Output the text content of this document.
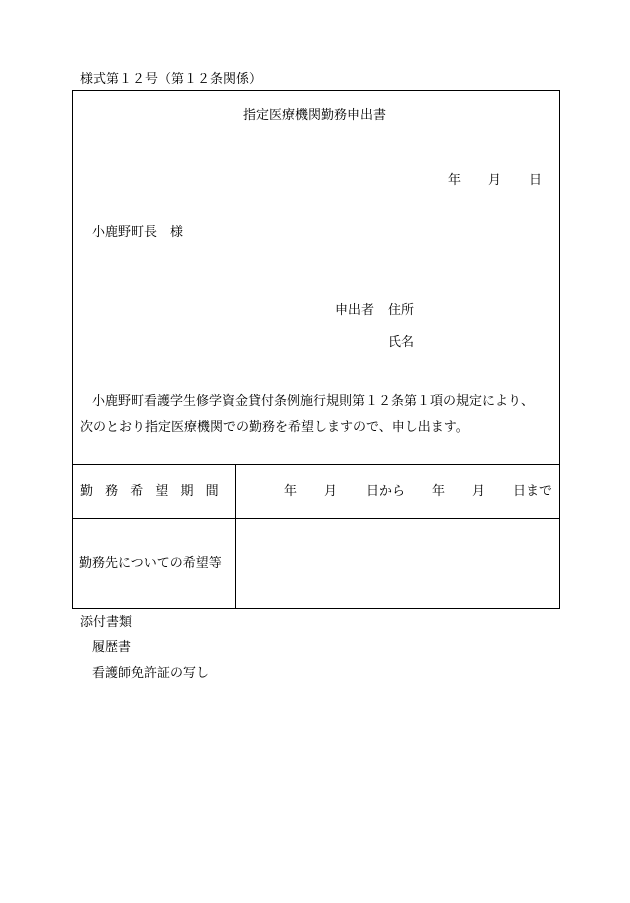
様式第１２号（第１２条関係）
指定医療機関勤務申出書
年 月 日
小鹿野町長　様
申出者 住所
氏名
小鹿野町看護学生修学資金貸付条例施行規則第１２条第１項の規定により、
次のとおり指定医療機関での勤務を希望しますので、申し出ます。
勤 務 希 望 期 間	年 月 日から 年 月 日まで
勤務先についての希望等
添付書類
履歴書
看護師免許証の写し
